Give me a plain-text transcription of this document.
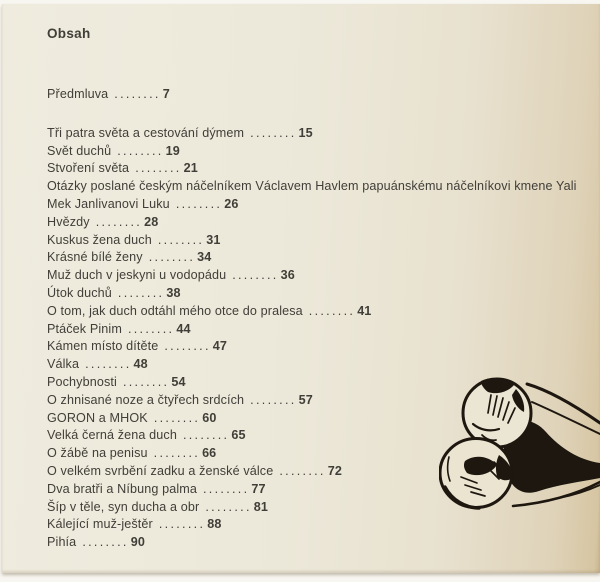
Obsah
Předmluva ........ 7
Tři patra světa a cestování dýmem ........ 15
Svět duchů ........ 19
Stvoření světa ........ 21
Otázky poslané českým náčelníkem Václavem Havlem papuánskému náčelníkovi kmene Yali
Mek Janlivanovi Luku ........ 26
Hvězdy ........ 28
Kuskus žena duch ........ 31
Krásné bílé ženy ........ 34
Muž duch v jeskyni u vodopádu ........ 36
Útok duchů ........ 38
O tom, jak duch odtáhl mého otce do pralesa ........ 41
Ptáček Pinim ........ 44
Kámen místo dítěte ........ 47
Válka ........ 48
Pochybnosti ........ 54
O zhnisané noze a čtyřech srdcích ........ 57
GORON a MHOK ........ 60
Velká černá žena duch ........ 65
O žábě na penisu ........ 66
O velkém svrbění zadku a ženské válce ........ 72
Dva bratři a Níbung palma ........ 77
Šíp v těle, syn ducha a obr ........ 81
Kálející muž-ještěr ........ 88
Pihía ........ 90
